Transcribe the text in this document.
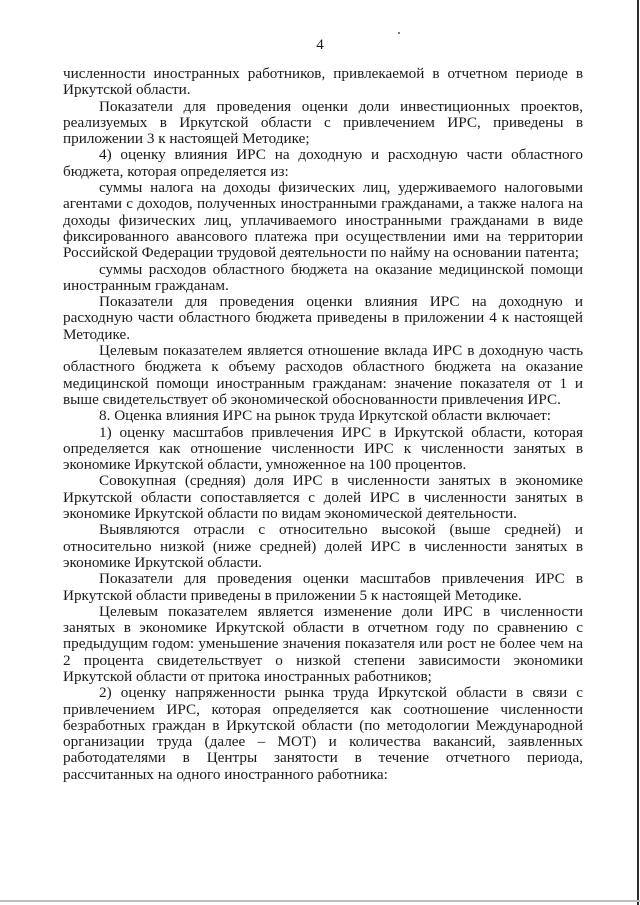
4

численности иностранных работников, привлекаемой в отчетном периоде в Иркутской области.

Показатели для проведения оценки доли инвестиционных проектов, реализуемых в Иркутской области с привлечением ИРС, приведены в приложении 3 к настоящей Методике;

4) оценку влияния ИРС на доходную и расходную части областного бюджета, которая определяется из:

суммы налога на доходы физических лиц, удерживаемого налоговыми агентами с доходов, полученных иностранными гражданами, а также налога на доходы физических лиц, уплачиваемого иностранными гражданами в виде фиксированного авансового платежа при осуществлении ими на территории Российской Федерации трудовой деятельности по найму на основании патента;

суммы расходов областного бюджета на оказание медицинской помощи иностранным гражданам.

Показатели для проведения оценки влияния ИРС на доходную и расходную части областного бюджета приведены в приложении 4 к настоящей Методике.

Целевым показателем является отношение вклада ИРС в доходную часть областного бюджета к объему расходов областного бюджета на оказание медицинской помощи иностранным гражданам: значение показателя от 1 и выше свидетельствует об экономической обоснованности привлечения ИРС.

8. Оценка влияния ИРС на рынок труда Иркутской области включает:

1) оценку масштабов привлечения ИРС в Иркутской области, которая определяется как отношение численности ИРС к численности занятых в экономике Иркутской области, умноженное на 100 процентов.

Совокупная (средняя) доля ИРС в численности занятых в экономике Иркутской области сопоставляется с долей ИРС в численности занятых в экономике Иркутской области по видам экономической деятельности.

Выявляются отрасли с относительно высокой (выше средней) и относительно низкой (ниже средней) долей ИРС в численности занятых в экономике Иркутской области.

Показатели для проведения оценки масштабов привлечения ИРС в Иркутской области приведены в приложении 5 к настоящей Методике.

Целевым показателем является изменение доли ИРС в численности занятых в экономике Иркутской области в отчетном году по сравнению с предыдущим годом: уменьшение значения показателя или рост не более чем на 2 процента свидетельствует о низкой степени зависимости экономики Иркутской области от притока иностранных работников;

2) оценку напряженности рынка труда Иркутской области в связи с привлечением ИРС, которая определяется как соотношение численности безработных граждан в Иркутской области (по методологии Международной организации труда (далее – МОТ) и количества вакансий, заявленных работодателями в Центры занятости в течение отчетного периода, рассчитанных на одного иностранного работника:
